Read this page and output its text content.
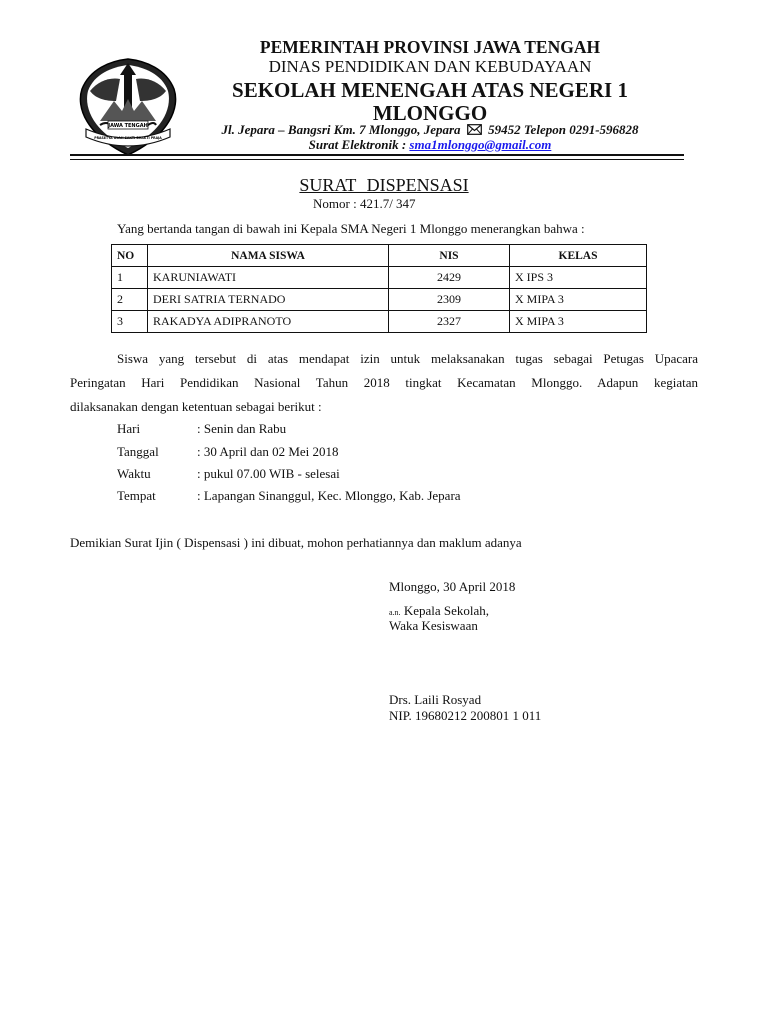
PRASETYA ULAH SAKTI BHAKTI PRAJA
JAWA TENGAH
PEMERINTAH PROVINSI JAWA TENGAH
DINAS PENDIDIKAN DAN KEBUDAYAAN
SEKOLAH MENENGAH ATAS NEGERI 1
MLONGGO
Jl. Jepara – Bangsri Km. 7 Mlonggo, Jepara 59452 Telepon 0291-596828
Surat Elektronik : sma1mlonggo@gmail.com
SURAT DISPENSASI
Nomor : 421.7/ 347
Yang bertanda tangan di bawah ini Kepala SMA Negeri 1 Mlonggo menerangkan bahwa :
NO	NAMA SISWA	NIS	KELAS
1	KARUNIAWATI	2429	X IPS 3
2	DERI SATRIA TERNADO	2309	X MIPA 3
3	RAKADYA ADIPRANOTO	2327	X MIPA 3
Siswa yang tersebut di atas mendapat izin untuk melaksanakan tugas sebagai Petugas Upacara
Peringatan Hari Pendidikan Nasional Tahun 2018 tingkat Kecamatan Mlonggo. Adapun kegiatan
dilaksanakan dengan ketentuan sebagai berikut :
Hari	: Senin dan Rabu
Tanggal	: 30 April dan 02 Mei 2018
Waktu	: pukul 07.00 WIB - selesai
Tempat	: Lapangan Sinanggul, Kec. Mlonggo, Kab. Jepara
Demikian Surat Ijin ( Dispensasi ) ini dibuat, mohon perhatiannya dan maklum adanya
Mlonggo, 30 April 2018
a.n. Kepala Sekolah,
Waka Kesiswaan
Drs. Laili Rosyad
NIP. 19680212 200801 1 011
